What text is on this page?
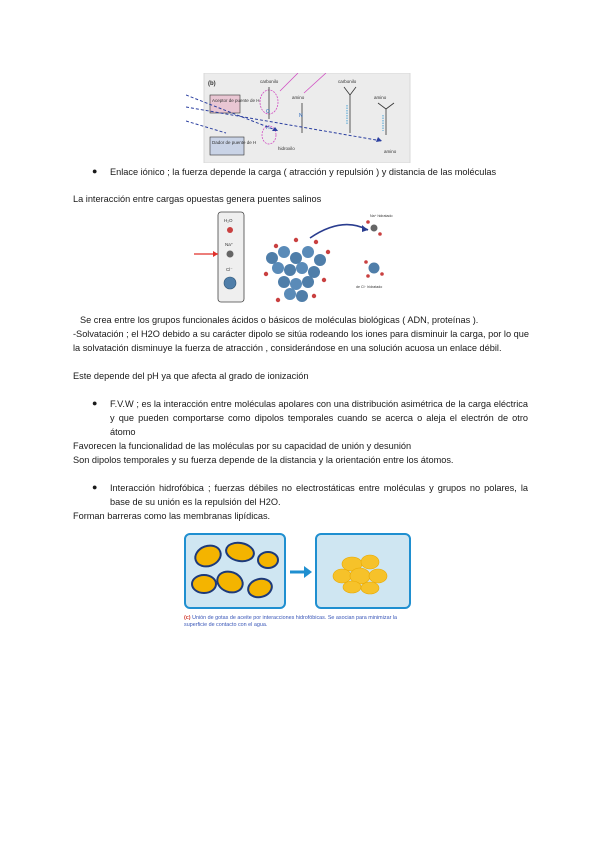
(b)
Aceptor de puente de H
Dador de puente de H
carbonilo
O
H
hidroxilo
amino
N
carbonilo
amino
amino
● Enlace iónico ; la fuerza depende la carga ( atracción y repulsión ) y distancia de las moléculas
La interacción entre cargas opuestas genera puentes salinos
H₂O
Na⁺
Cl⁻
Na⁺ hidratado
de Cl⁻ hidratado
Se crea entre los grupos funcionales ácidos o básicos de moléculas biológicas ( ADN, proteínas ).
-Solvatación ; el H2O debido a su carácter dipolo se sitúa rodeando los iones para disminuir la carga, por lo que la solvatación disminuye la fuerza de atracción , considerándose en una solución acuosa un enlace débil.
Este depende del pH ya que afecta al grado de ionización
● F.V.W ; es la interacción entre moléculas apolares con una distribución asimétrica de la carga eléctrica y que pueden comportarse como dipolos temporales cuando se acerca o aleja el electrón de otro átomo
Favorecen la funcionalidad de las moléculas por su capacidad de unión y desunión
Son dipolos temporales y su fuerza depende de la distancia y la orientación entre los átomos.
● Interacción hidrofóbica ; fuerzas débiles no electrostáticas entre moléculas y grupos no polares, la base de su unión es la repulsión del H2O.
Forman barreras como las membranas lipídicas.
(c) Unión de gotas de aceite por interacciones hidrofóbicas. Se asocian para minimizar la superficie de contacto con el agua.
